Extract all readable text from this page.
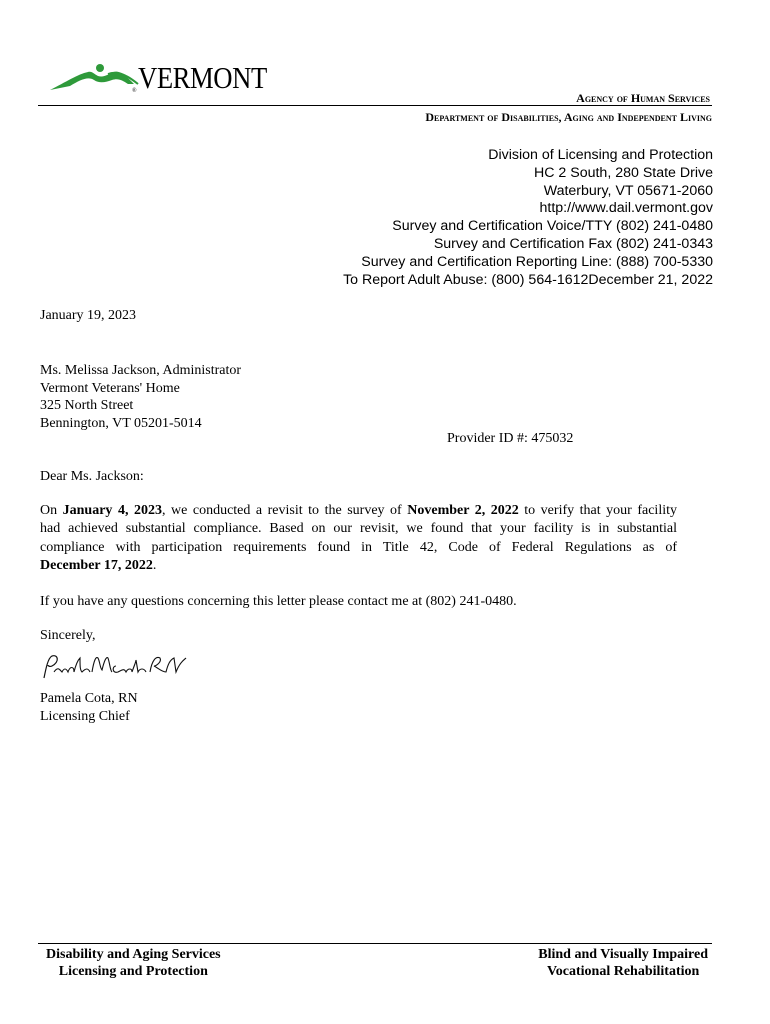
VERMONT
®	Agency of Human Services
Department of Disabilities, Aging and Independent Living
Division of Licensing and Protection
HC 2 South, 280 State Drive
Waterbury, VT 05671-2060
http://www.dail.vermont.gov
Survey and Certification Voice/TTY (802) 241-0480
Survey and Certification Fax (802) 241-0343
Survey and Certification Reporting Line: (888) 700-5330
To Report Adult Abuse: (800) 564-1612December 21, 2022
January 19, 2023
Ms. Melissa Jackson, Administrator
Vermont Veterans' Home
325 North Street
Bennington, VT 05201-5014
Provider ID #: 475032
Dear Ms. Jackson:
On January 4, 2023, we conducted a revisit to the survey of November 2, 2022 to verify that your facility
had achieved substantial compliance. Based on our revisit, we found that your facility is in substantial
compliance with participation requirements found in Title 42, Code of Federal Regulations as of
December 17, 2022.
If you have any questions concerning this letter please contact me at (802) 241-0480.
Sincerely,
Pamela Cota, RN
Licensing Chief
Disability and Aging Services
Licensing and Protection
Blind and Visually Impaired
Vocational Rehabilitation
